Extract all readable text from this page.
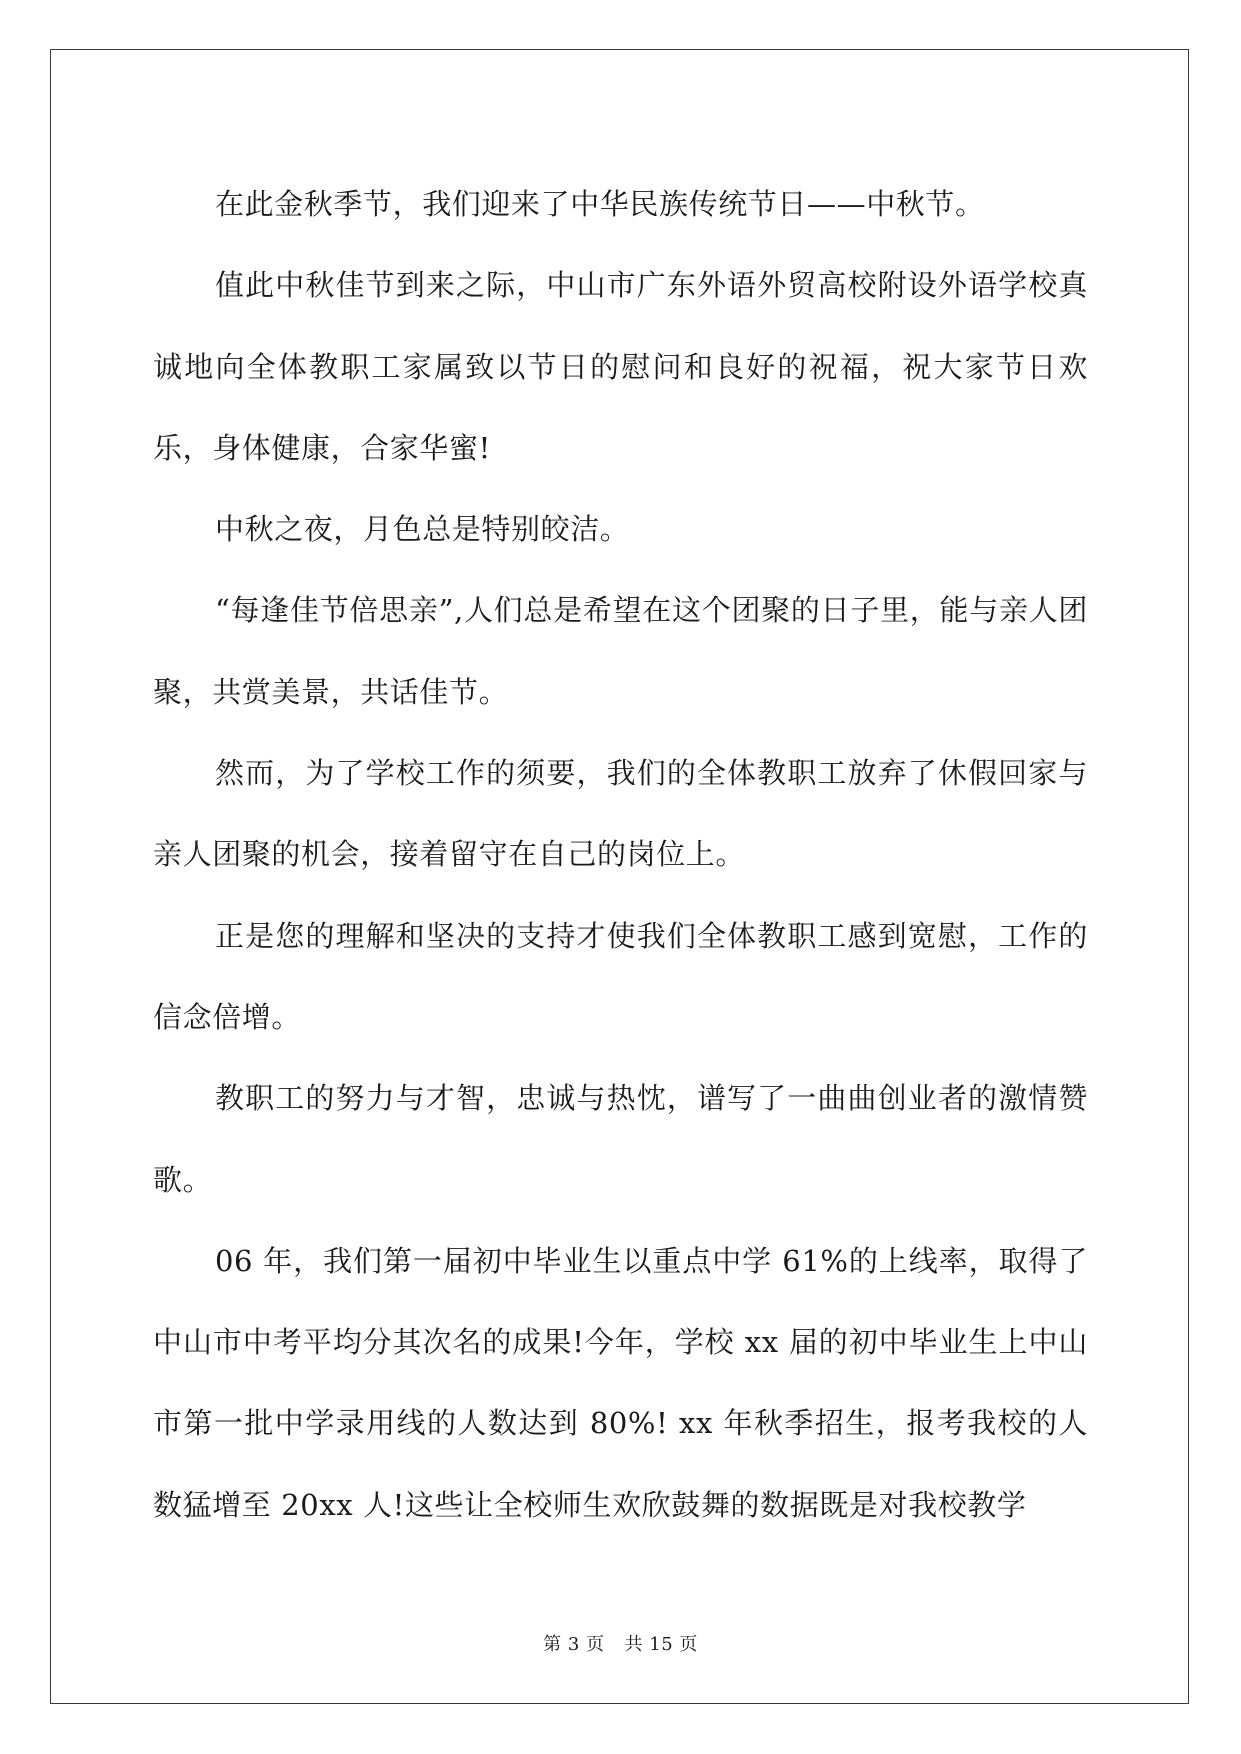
在此金秋季节，我们迎来了中华民族传统节日——中秋节。

值此中秋佳节到来之际，中山市广东外语外贸高校附设外语学校真诚地向全体教职工家属致以节日的慰问和良好的祝福，祝大家节日欢乐，身体健康，合家华蜜!

中秋之夜，月色总是特别皎洁。

“每逢佳节倍思亲”,人们总是希望在这个团聚的日子里，能与亲人团聚，共赏美景，共话佳节。

然而，为了学校工作的须要，我们的全体教职工放弃了休假回家与亲人团聚的机会，接着留守在自己的岗位上。

正是您的理解和坚决的支持才使我们全体教职工感到宽慰，工作的信念倍增。

教职工的努力与才智，忠诚与热忱，谱写了一曲曲创业者的激情赞歌。

06 年，我们第一届初中毕业生以重点中学 61%的上线率，取得了中山市中考平均分其次名的成果!今年，学校 xx 届的初中毕业生上中山市第一批中学录用线的人数达到 80%! xx 年秋季招生，报考我校的人数猛增至 20xx 人!这些让全校师生欢欣鼓舞的数据既是对我校教学

第 3 页 共 15 页
